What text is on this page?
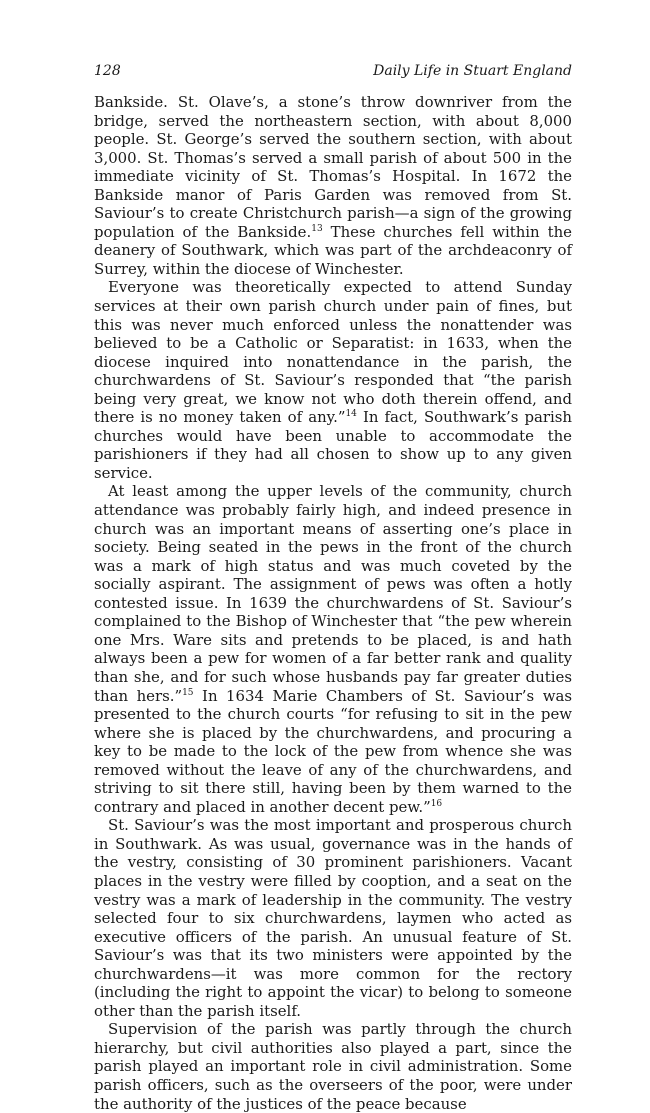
128	Daily Life in Stuart England

Bankside. St. Olave’s, a stone’s throw downriver from the bridge, served the northeastern section, with about 8,000 people. St. George’s served the southern section, with about 3,000. St. Thomas’s served a small parish of about 500 in the immediate vicinity of St. Thomas’s Hospital. In 1672 the Bankside manor of Paris Garden was removed from St. Saviour’s to create Christchurch parish—a sign of the growing population of the Bankside.$^{13}$ These churches fell within the deanery of Southwark, which was part of the archdeaconry of Surrey, within the diocese of Winchester.

Everyone was theoretically expected to attend Sunday services at their own parish church under pain of fines, but this was never much enforced unless the nonattender was believed to be a Catholic or Separatist: in 1633, when the diocese inquired into nonattendance in the parish, the churchwardens of St. Saviour’s responded that “the parish being very great, we know not who doth therein offend, and there is no money taken of any.”$^{14}$ In fact, Southwark’s parish churches would have been unable to accommodate the parishioners if they had all chosen to show up to any given service.

At least among the upper levels of the community, church attendance was probably fairly high, and indeed presence in church was an important means of asserting one’s place in society. Being seated in the pews in the front of the church was a mark of high status and was much coveted by the socially aspirant. The assignment of pews was often a hotly contested issue. In 1639 the churchwardens of St. Saviour’s complained to the Bishop of Winchester that “the pew wherein one Mrs. Ware sits and pretends to be placed, is and hath always been a pew for women of a far better rank and quality than she, and for such whose husbands pay far greater duties than hers.”$^{15}$ In 1634 Marie Chambers of St. Saviour’s was presented to the church courts “for refusing to sit in the pew where she is placed by the churchwardens, and procuring a key to be made to the lock of the pew from whence she was removed without the leave of any of the churchwardens, and striving to sit there still, having been by them warned to the contrary and placed in another decent pew.”$^{16}$

St. Saviour’s was the most important and prosperous church in Southwark. As was usual, governance was in the hands of the vestry, consisting of 30 prominent parishioners. Vacant places in the vestry were filled by cooption, and a seat on the vestry was a mark of leadership in the community. The vestry selected four to six churchwardens, laymen who acted as executive officers of the parish. An unusual feature of St. Saviour’s was that its two ministers were appointed by the churchwardens—it was more common for the rectory (including the right to appoint the vicar) to belong to someone other than the parish itself.

Supervision of the parish was partly through the church hierarchy, but civil authorities also played a part, since the parish played an important role in civil administration. Some parish officers, such as the overseers of the poor, were under the authority of the justices of the peace because
